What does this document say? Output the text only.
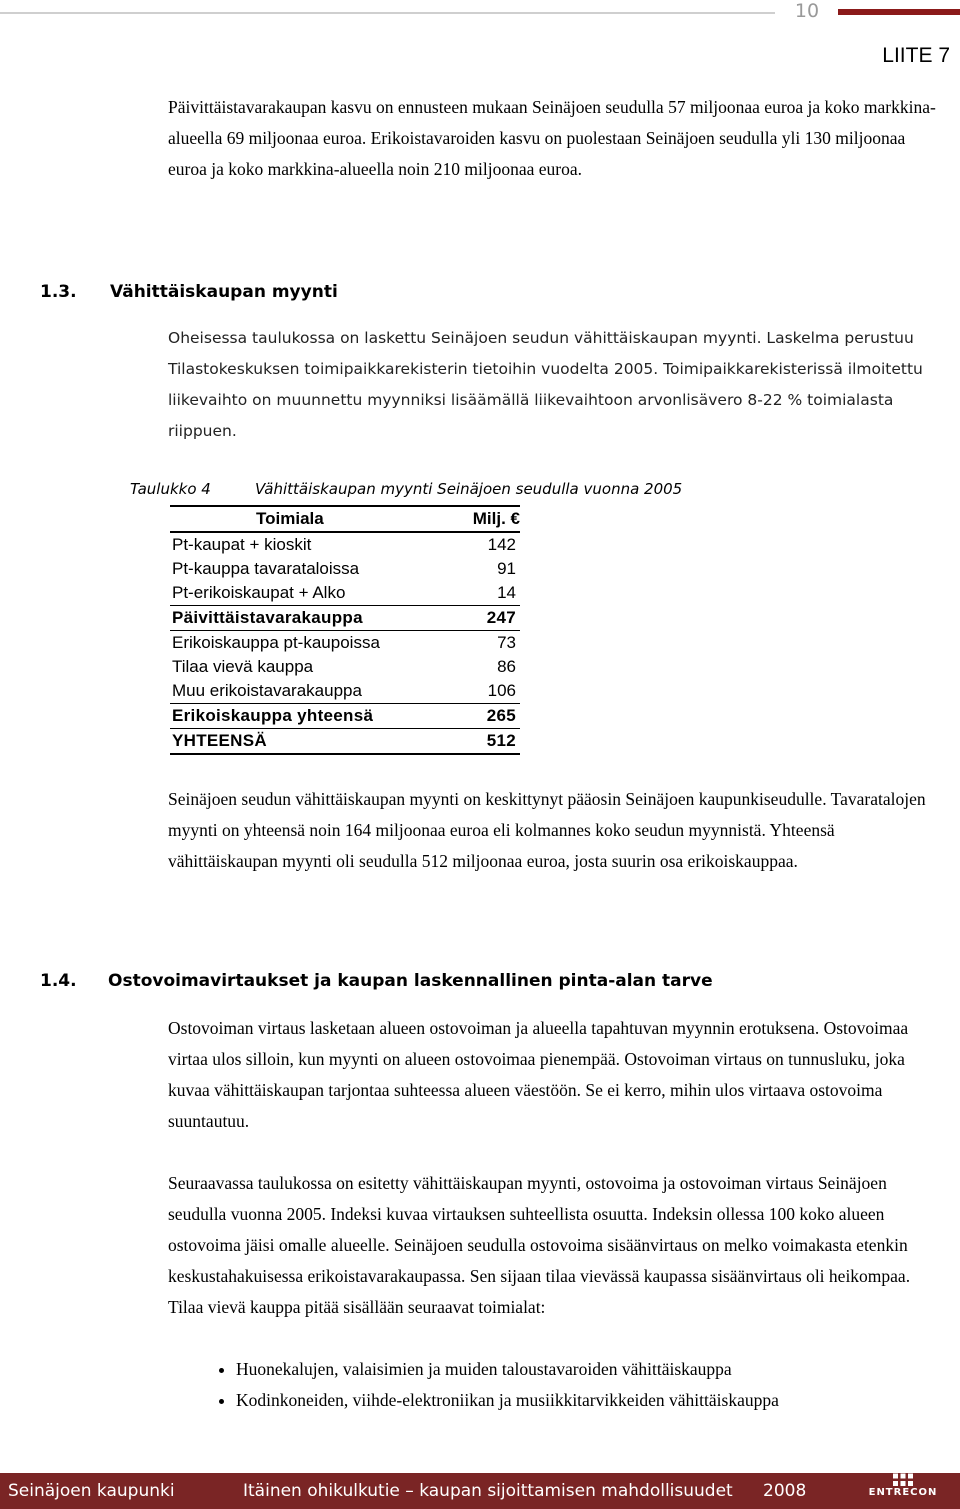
10
LIITE 7
Päivittäistavarakaupan kasvu on ennusteen mukaan Seinäjoen seudulla 57 miljoonaa euroa ja koko markkina-alueella 69 miljoonaa euroa. Erikoistavaroiden kasvu on puolestaan Seinäjoen seudulla yli 130 miljoonaa euroa ja koko markkina-alueella noin 210 miljoonaa euroa.
1.3. Vähittäiskaupan myynti
Oheisessa taulukossa on laskettu Seinäjoen seudun vähittäiskaupan myynti. Laskelma perustuu Tilastokeskuksen toimipaikkarekisterin tietoihin vuodelta 2005. Toimipaikkarekisterissä ilmoitettu liikevaihto on muunnettu myynniksi lisäämällä liikevaihtoon arvonlisävero 8-22 % toimialasta riippuen.
Taulukko 4	Vähittäiskaupan myynti Seinäjoen seudulla vuonna 2005
Toimiala	Milj. €
Pt-kaupat + kioskit	142
Pt-kauppa tavarataloissa	91
Pt-erikoiskaupat + Alko	14
Päivittäistavarakauppa	247
Erikoiskauppa pt-kaupoissa	73
Tilaa vievä kauppa	86
Muu erikoistavarakauppa	106
Erikoiskauppa yhteensä	265
YHTEENSÄ	512
Seinäjoen seudun vähittäiskaupan myynti on keskittynyt pääosin Seinäjoen kaupunkiseudulle. Tavaratalojen myynti on yhteensä noin 164 miljoonaa euroa eli kolmannes koko seudun myynnistä. Yhteensä vähittäiskaupan myynti oli seudulla 512 miljoonaa euroa, josta suurin osa erikoiskauppaa.
1.4. Ostovoimavirtaukset ja kaupan laskennallinen pinta-alan tarve
Ostovoiman virtaus lasketaan alueen ostovoiman ja alueella tapahtuvan myynnin erotuksena. Ostovoimaa virtaa ulos silloin, kun myynti on alueen ostovoimaa pienempää. Ostovoiman virtaus on tunnusluku, joka kuvaa vähittäiskaupan tarjontaa suhteessa alueen väestöön. Se ei kerro, mihin ulos virtaava ostovoima suuntautuu.
Seuraavassa taulukossa on esitetty vähittäiskaupan myynti, ostovoima ja ostovoiman virtaus Seinäjoen seudulla vuonna 2005. Indeksi kuvaa virtauksen suhteellista osuutta. Indeksin ollessa 100 koko alueen ostovoima jäisi omalle alueelle. Seinäjoen seudulla ostovoima sisäänvirtaus on melko voimakasta etenkin keskustahakuisessa erikoistavarakaupassa. Sen sijaan tilaa vievässä kaupassa sisäänvirtaus oli heikompaa. Tilaa vievä kauppa pitää sisällään seuraavat toimialat:
• Huonekalujen, valaisimien ja muiden taloustavaroiden vähittäiskauppa
• Kodinkoneiden, viihde-elektroniikan ja musiikkitarvikkeiden vähittäiskauppa
Seinäjoen kaupunki	Itäinen ohikulkutie – kaupan sijoittamisen mahdollisuudet 2008	ENTRECON
